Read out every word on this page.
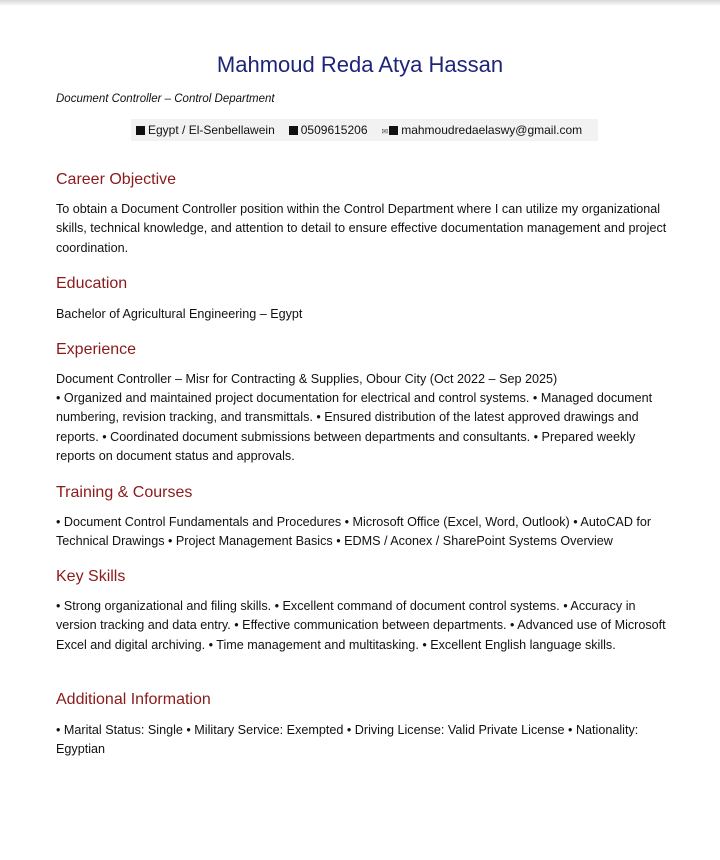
Mahmoud Reda Atya Hassan
Document Controller – Control Department
Egypt / El-Senbellawein	0509615206 ✉ mahmoudredaelaswy@gmail.com
Career Objective

To obtain a Document Controller position within the Control Department where I can utilize my organizational skills, technical knowledge, and attention to detail to ensure effective documentation management and project coordination.

Education

Bachelor of Agricultural Engineering – Egypt

Experience

Document Controller – Misr for Contracting & Supplies, Obour City (Oct 2022 – Sep 2025)

• Organized and maintained project documentation for electrical and control systems. • Managed document numbering, revision tracking, and transmittals. • Ensured distribution of the latest approved drawings and reports. • Coordinated document submissions between departments and consultants. • Prepared weekly reports on document status and approvals.

Training & Courses

• Document Control Fundamentals and Procedures • Microsoft Office (Excel, Word, Outlook) • AutoCAD for Technical Drawings • Project Management Basics • EDMS / Aconex / SharePoint Systems Overview

Key Skills

• Strong organizational and filing skills. • Excellent command of document control systems. • Accuracy in version tracking and data entry. • Effective communication between departments. • Advanced use of Microsoft Excel and digital archiving. • Time management and multitasking. • Excellent English language skills.

Additional Information

• Marital Status: Single • Military Service: Exempted • Driving License: Valid Private License • Nationality: Egyptian
